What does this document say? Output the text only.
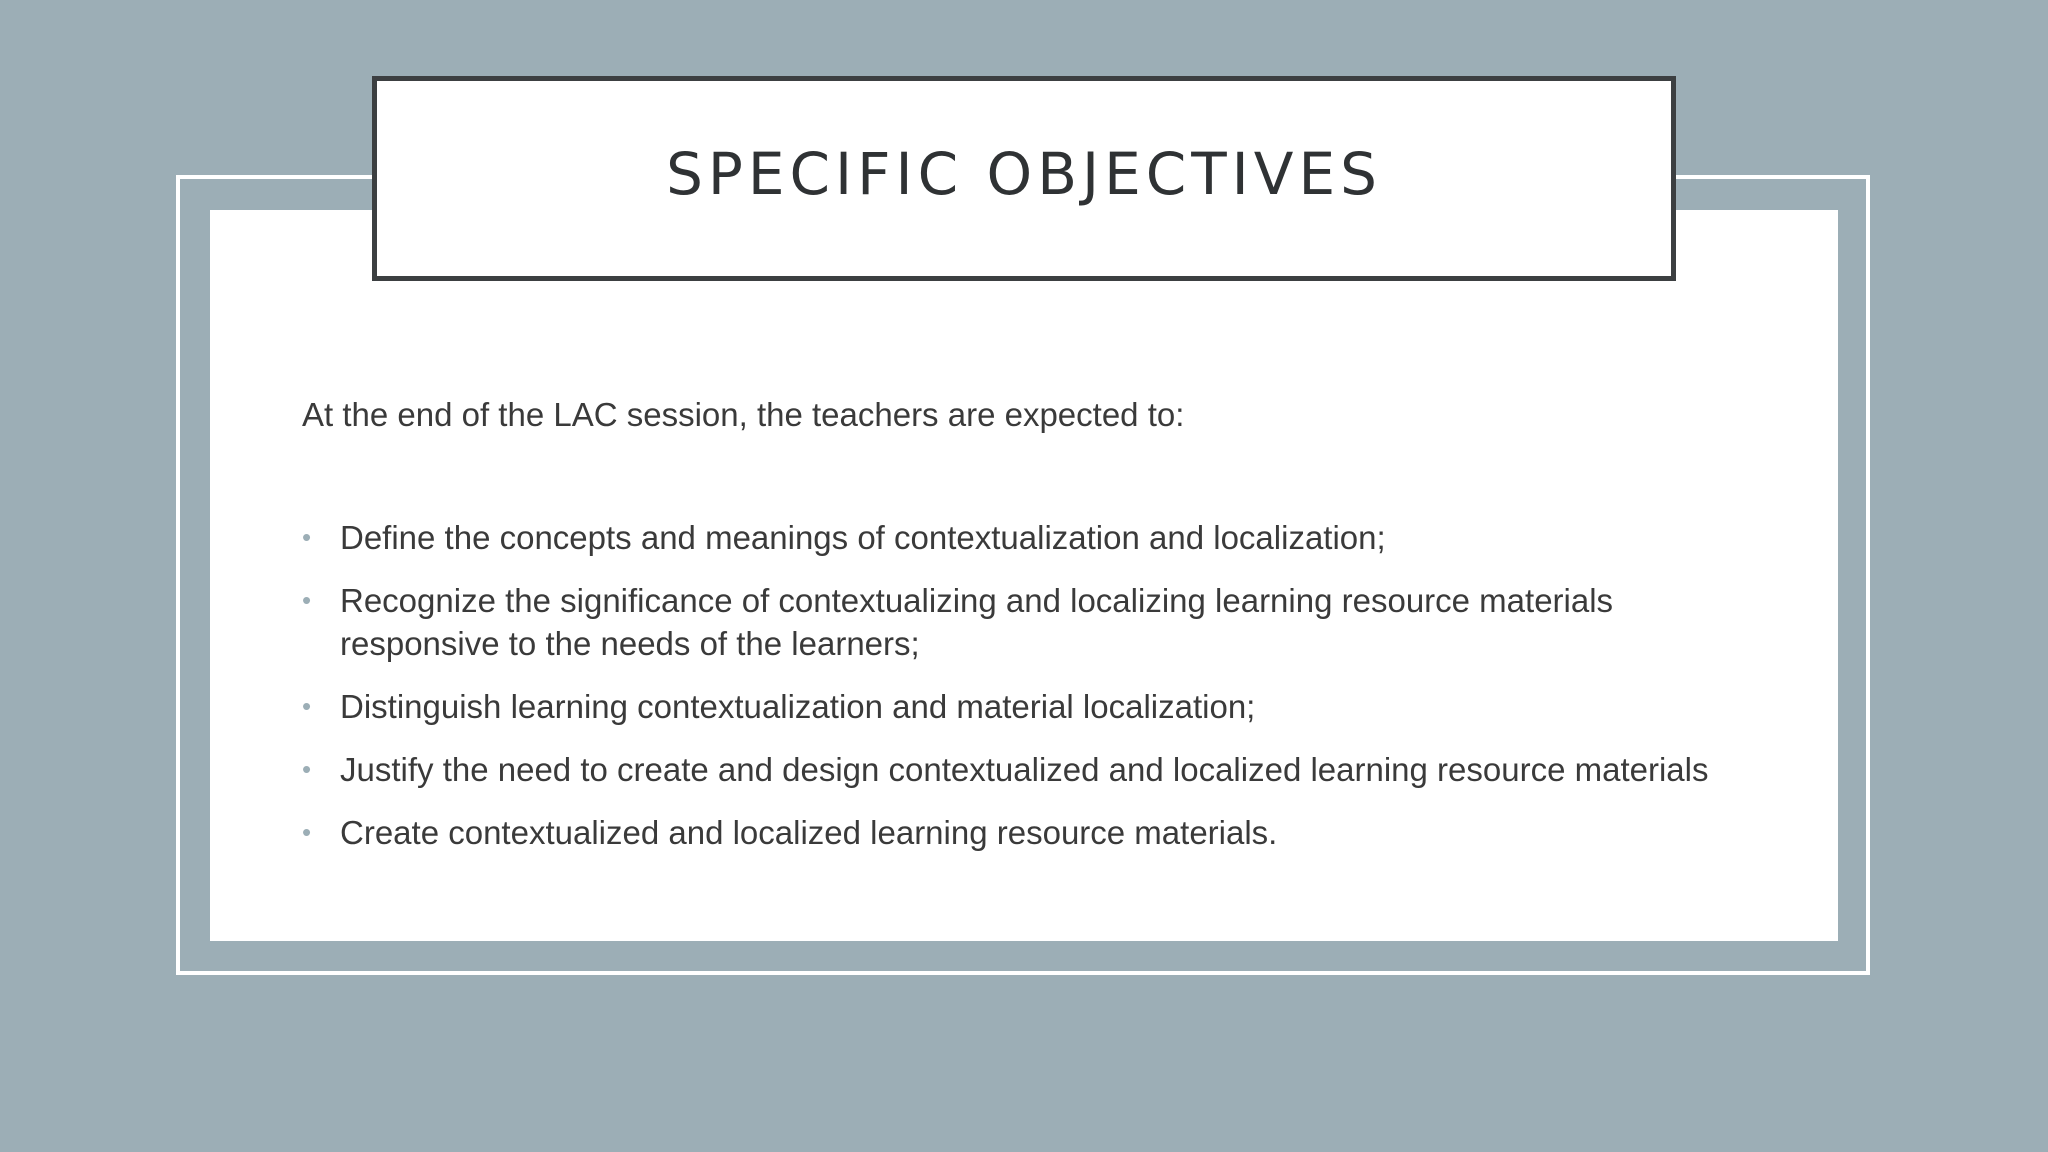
SPECIFIC OBJECTIVES
At the end of the LAC session, the teachers are expected to:
• Define the concepts and meanings of contextualization and localization;
• Recognize the significance of contextualizing and localizing learning resource materials responsive to the needs of the learners;
• Distinguish learning contextualization and material localization;
• Justify the need to create and design contextualized and localized learning resource materials
• Create contextualized and localized learning resource materials.
